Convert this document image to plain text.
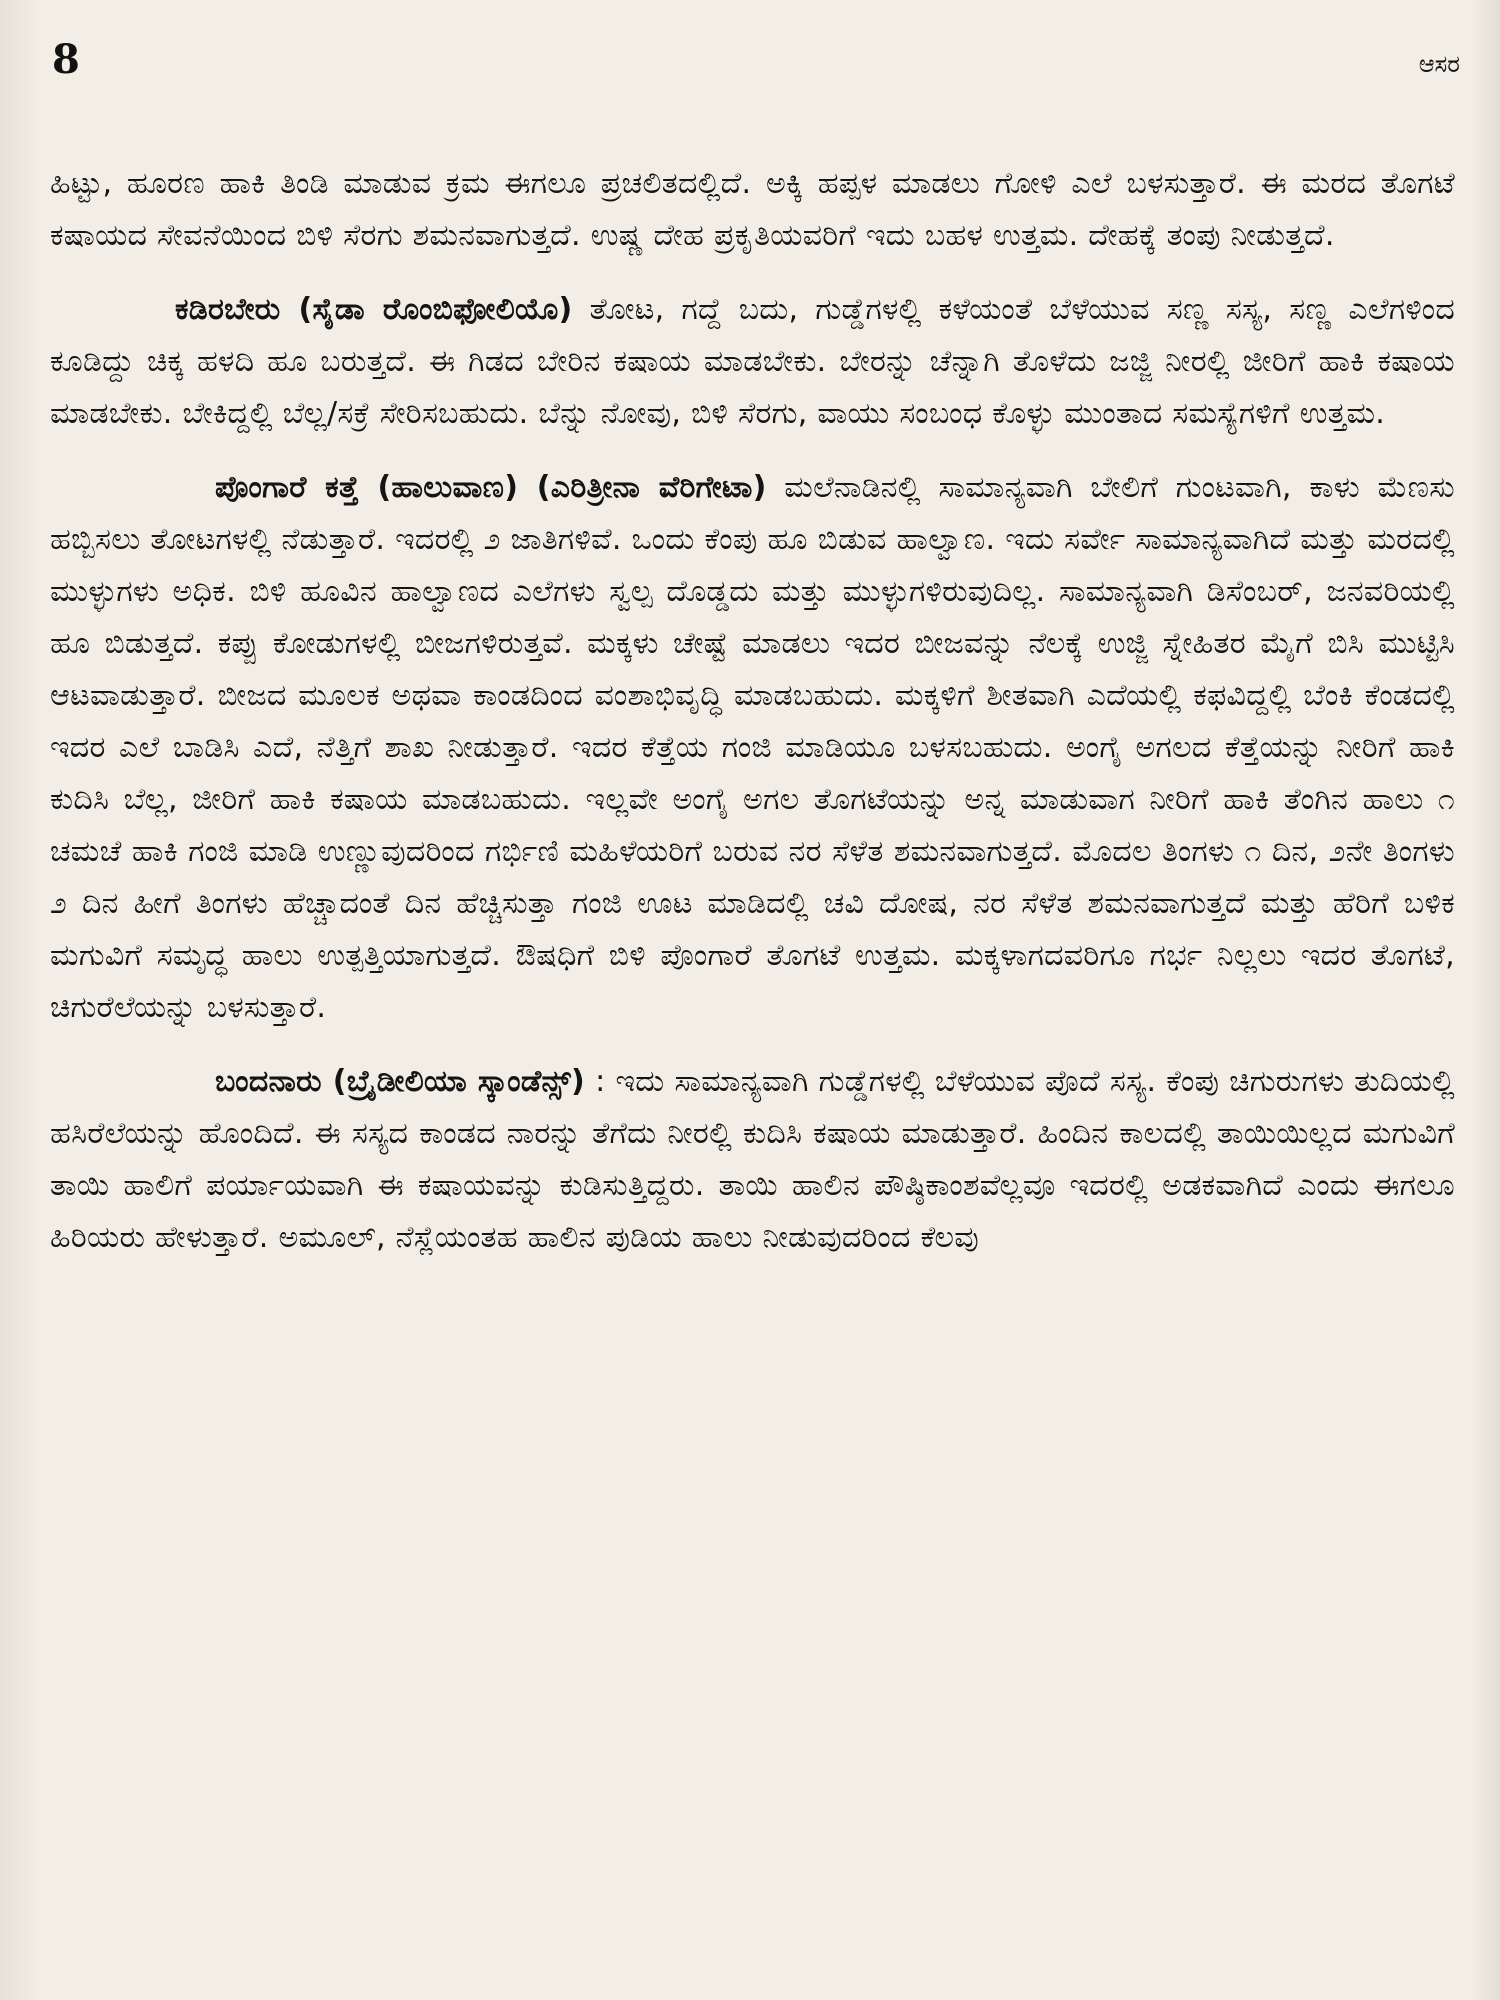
8	ಆಸರ

ಹಿಟ್ಟು, ಹೂರಣ ಹಾಕಿ ತಿಂಡಿ ಮಾಡುವ ಕ್ರಮ ಈಗಲೂ ಪ್ರಚಲಿತದಲ್ಲಿದೆ. ಅಕ್ಕಿ ಹಪ್ಪಳ ಮಾಡಲು ಗೋಳಿ ಎಲೆ ಬಳಸುತ್ತಾರೆ. ಈ ಮರದ ತೊಗಟೆ ಕಷಾಯದ ಸೇವನೆಯಿಂದ ಬಿಳಿ ಸೆರಗು ಶಮನವಾಗುತ್ತದೆ. ಉಷ್ಣ ದೇಹ ಪ್ರಕೃತಿಯವರಿಗೆ ಇದು ಬಹಳ ಉತ್ತಮ. ದೇಹಕ್ಕೆ ತಂಪು ನೀಡುತ್ತದೆ.

ಕಡಿರಬೇರು (ಸೈಡಾ ರೊಂಬಿಫೋಲಿಯೊ) ತೋಟ, ಗದ್ದೆ ಬದು, ಗುಡ್ಡೆಗಳಲ್ಲಿ ಕಳೆಯಂತೆ ಬೆಳೆಯುವ ಸಣ್ಣ ಸಸ್ಯ, ಸಣ್ಣ ಎಲೆಗಳಿಂದ ಕೂಡಿದ್ದು ಚಿಕ್ಕ ಹಳದಿ ಹೂ ಬರುತ್ತದೆ. ಈ ಗಿಡದ ಬೇರಿನ ಕಷಾಯ ಮಾಡಬೇಕು. ಬೇರನ್ನು ಚೆನ್ನಾಗಿ ತೊಳೆದು ಜಜ್ಜಿ ನೀರಲ್ಲಿ ಜೀರಿಗೆ ಹಾಕಿ ಕಷಾಯ ಮಾಡಬೇಕು. ಬೇಕಿದ್ದಲ್ಲಿ ಬೆಲ್ಲ/ಸಕ್ರೆ ಸೇರಿಸಬಹುದು. ಬೆನ್ನು ನೋವು, ಬಿಳಿ ಸೆರಗು, ವಾಯು ಸಂಬಂಧ ಕೊಳ್ಳು ಮುಂತಾದ ಸಮಸ್ಯೆಗಳಿಗೆ ಉತ್ತಮ.

ಪೊಂಗಾರೆ ಕತ್ತೆ (ಹಾಲುವಾಣ) (ಎರಿತ್ರೀನಾ ವೆರಿಗೇಟಾ) ಮಲೆನಾಡಿನಲ್ಲಿ ಸಾಮಾನ್ಯವಾಗಿ ಬೇಲಿಗೆ ಗುಂಟವಾಗಿ, ಕಾಳು ಮೆಣಸು ಹಬ್ಬಿಸಲು ತೋಟಗಳಲ್ಲಿ ನೆಡುತ್ತಾರೆ. ಇದರಲ್ಲಿ ೨ ಜಾತಿಗಳಿವೆ. ಒಂದು ಕೆಂಪು ಹೂ ಬಿಡುವ ಹಾಲ್ವಾಣ. ಇದು ಸರ್ವೇ ಸಾಮಾನ್ಯವಾಗಿದೆ ಮತ್ತು ಮರದಲ್ಲಿ ಮುಳ್ಳುಗಳು ಅಧಿಕ. ಬಿಳಿ ಹೂವಿನ ಹಾಲ್ವಾಣದ ಎಲೆಗಳು ಸ್ವಲ್ಪ ದೊಡ್ಡದು ಮತ್ತು ಮುಳ್ಳುಗಳಿರುವುದಿಲ್ಲ. ಸಾಮಾನ್ಯವಾಗಿ ಡಿಸೆಂಬರ್, ಜನವರಿಯಲ್ಲಿ ಹೂ ಬಿಡುತ್ತದೆ. ಕಪ್ಪು ಕೋಡುಗಳಲ್ಲಿ ಬೀಜಗಳಿರುತ್ತವೆ. ಮಕ್ಕಳು ಚೇಷ್ಟೆ ಮಾಡಲು ಇದರ ಬೀಜವನ್ನು ನೆಲಕ್ಕೆ ಉಜ್ಜಿ ಸ್ನೇಹಿತರ ಮೈಗೆ ಬಿಸಿ ಮುಟ್ಟಿಸಿ ಆಟವಾಡುತ್ತಾರೆ. ಬೀಜದ ಮೂಲಕ ಅಥವಾ ಕಾಂಡದಿಂದ ವಂಶಾಭಿವೃದ್ಧಿ ಮಾಡಬಹುದು. ಮಕ್ಕಳಿಗೆ ಶೀತವಾಗಿ ಎದೆಯಲ್ಲಿ ಕಫವಿದ್ದಲ್ಲಿ ಬೆಂಕಿ ಕೆಂಡದಲ್ಲಿ ಇದರ ಎಲೆ ಬಾಡಿಸಿ ಎದೆ, ನೆತ್ತಿಗೆ ಶಾಖ ನೀಡುತ್ತಾರೆ. ಇದರ ಕೆತ್ತೆಯ ಗಂಜಿ ಮಾಡಿಯೂ ಬಳಸಬಹುದು. ಅಂಗೈ ಅಗಲದ ಕೆತ್ತೆಯನ್ನು ನೀರಿಗೆ ಹಾಕಿ ಕುದಿಸಿ ಬೆಲ್ಲ, ಜೀರಿಗೆ ಹಾಕಿ ಕಷಾಯ ಮಾಡಬಹುದು. ಇಲ್ಲವೇ ಅಂಗೈ ಅಗಲ ತೊಗಟೆಯನ್ನು ಅನ್ನ ಮಾಡುವಾಗ ನೀರಿಗೆ ಹಾಕಿ ತೆಂಗಿನ ಹಾಲು ೧ ಚಮಚೆ ಹಾಕಿ ಗಂಜಿ ಮಾಡಿ ಉಣ್ಣುವುದರಿಂದ ಗರ್ಭಿಣಿ ಮಹಿಳೆಯರಿಗೆ ಬರುವ ನರ ಸೆಳೆತ ಶಮನವಾಗುತ್ತದೆ. ಮೊದಲ ತಿಂಗಳು ೧ ದಿನ, ೨ನೇ ತಿಂಗಳು ೨ ದಿನ ಹೀಗೆ ತಿಂಗಳು ಹೆಚ್ಚಾದಂತೆ ದಿನ ಹೆಚ್ಚಿಸುತ್ತಾ ಗಂಜಿ ಊಟ ಮಾಡಿದಲ್ಲಿ ಚವಿ ದೋಷ, ನರ ಸೆಳೆತ ಶಮನವಾಗುತ್ತದೆ ಮತ್ತು ಹೆರಿಗೆ ಬಳಿಕ ಮಗುವಿಗೆ ಸಮೃದ್ಧ ಹಾಲು ಉತ್ಪತ್ತಿಯಾಗುತ್ತದೆ. ಔಷಧಿಗೆ ಬಿಳಿ ಪೊಂಗಾರೆ ತೊಗಟೆ ಉತ್ತಮ. ಮಕ್ಕಳಾಗದವರಿಗೂ ಗರ್ಭ ನಿಲ್ಲಲು ಇದರ ತೊಗಟೆ, ಚಿಗುರೆಲೆಯನ್ನು ಬಳಸುತ್ತಾರೆ.

ಬಂದನಾರು (ಬ್ರೈಡೀಲಿಯಾ ಸ್ಕಾಂಡೆನ್ಸ್) : ಇದು ಸಾಮಾನ್ಯವಾಗಿ ಗುಡ್ಡೆಗಳಲ್ಲಿ ಬೆಳೆಯುವ ಪೊದೆ ಸಸ್ಯ. ಕೆಂಪು ಚಿಗುರುಗಳು ತುದಿಯಲ್ಲಿ ಹಸಿರೆಲೆಯನ್ನು ಹೊಂದಿದೆ. ಈ ಸಸ್ಯದ ಕಾಂಡದ ನಾರನ್ನು ತೆಗೆದು ನೀರಲ್ಲಿ ಕುದಿಸಿ ಕಷಾಯ ಮಾಡುತ್ತಾರೆ. ಹಿಂದಿನ ಕಾಲದಲ್ಲಿ ತಾಯಿಯಿಲ್ಲದ ಮಗುವಿಗೆ ತಾಯಿ ಹಾಲಿಗೆ ಪರ್ಯಾಯವಾಗಿ ಈ ಕಷಾಯವನ್ನು ಕುಡಿಸುತ್ತಿದ್ದರು. ತಾಯಿ ಹಾಲಿನ ಪೌಷ್ಠಿಕಾಂಶವೆಲ್ಲವೂ ಇದರಲ್ಲಿ ಅಡಕವಾಗಿದೆ ಎಂದು ಈಗಲೂ ಹಿರಿಯರು ಹೇಳುತ್ತಾರೆ. ಅಮೂಲ್, ನೆಸ್ಲೆಯಂತಹ ಹಾಲಿನ ಪುಡಿಯ ಹಾಲು ನೀಡುವುದರಿಂದ ಕೆಲವು
